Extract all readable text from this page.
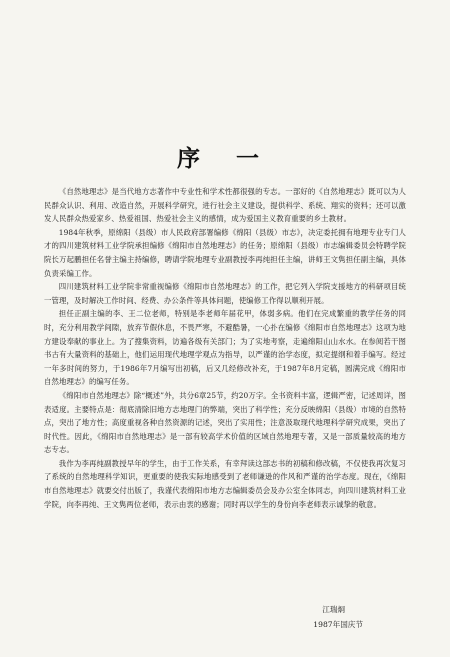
序 一

《自然地理志》是当代地方志著作中专业性和学术性都很强的专志。一部好的《自然地理志》既可以为人民群众认识、利用、改造自然，开展科学研究，进行社会主义建设，提供科学、系统、翔实的资料；还可以激发人民群众热爱家乡、热爱祖国、热爱社会主义的感情，成为爱国主义教育重要的乡土教材。

1984年秋季，原绵阳（县级）市人民政府部署编修《绵阳（县级）市志》，决定委托拥有地理专业专门人才的四川建筑材料工业学院承担编修《绵阳市自然地理志》的任务；原绵阳（县级）市志编辑委员会特聘学院院长万起鹏担任名誉主编主持编修，聘请学院地理专业副教授李再纯担任主编，讲师王文隽担任副主编，具体负责采编工作。

四川建筑材料工业学院非常重视编修《绵阳市自然地理志》的工作，把它列入学院支援地方的科研项目统一管理，及时解决工作时间、经费、办公条件等具体问题，使编修工作得以顺利开展。

担任正副主编的李、王二位老师，特别是李老师年届花甲，体弱多病。他们在完成繁重的教学任务的同时，充分利用教学间隙，放弃节假休息，不畏严寒，不避酷暑，一心扑在编修《绵阳市自然地理志》这项为地方建设奉献的事业上。为了搜集资料，访遍各级有关部门；为了实地考察，走遍绵阳山山水水。在参阅若干图书古有大量资料的基础上，他们运用现代地理学观点为指导，以严谨的治学态度，拟定提纲和着手编写。经过一年多时间的努力，于1986年7月编写出初稿，后又几经修改补充，于1987年8月定稿，圆满完成《绵阳市自然地理志》的编写任务。

《绵阳市自然地理志》除“概述”外，共分6章25节，约20万字。全书资料丰富，逻辑严密，记述周详，图表适度。主要特点是：彻底清除旧地方志地理门的弊端，突出了科学性；充分反映绵阳（县级）市境的自然特点，突出了地方性；高度重视各种自然资源的记述，突出了实用性；注意汲取现代地理科学研究成果，突出了时代性。因此，《绵阳市自然地理志》是一部有较高学术价值的区域自然地理专著，又是一部质量较高的地方志专志。

我作为李再纯副教授早年的学生，由于工作关系，有幸拜读这部志书的初稿和修改稿，不仅使我再次复习了系统的自然地理科学知识，更重要的使我实际地感受到了老师谦逊的作风和严谨的治学态度。现在，《绵阳市自然地理志》就要交付出版了，我谨代表绵阳市地方志编辑委员会及办公室全体同志，向四川建筑材料工业学院，向李再纯、王文隽两位老师，表示由衷的感谢；同时再以学生的身份向李老师表示诚挚的敬意。

江瑞炯
1987年国庆节
